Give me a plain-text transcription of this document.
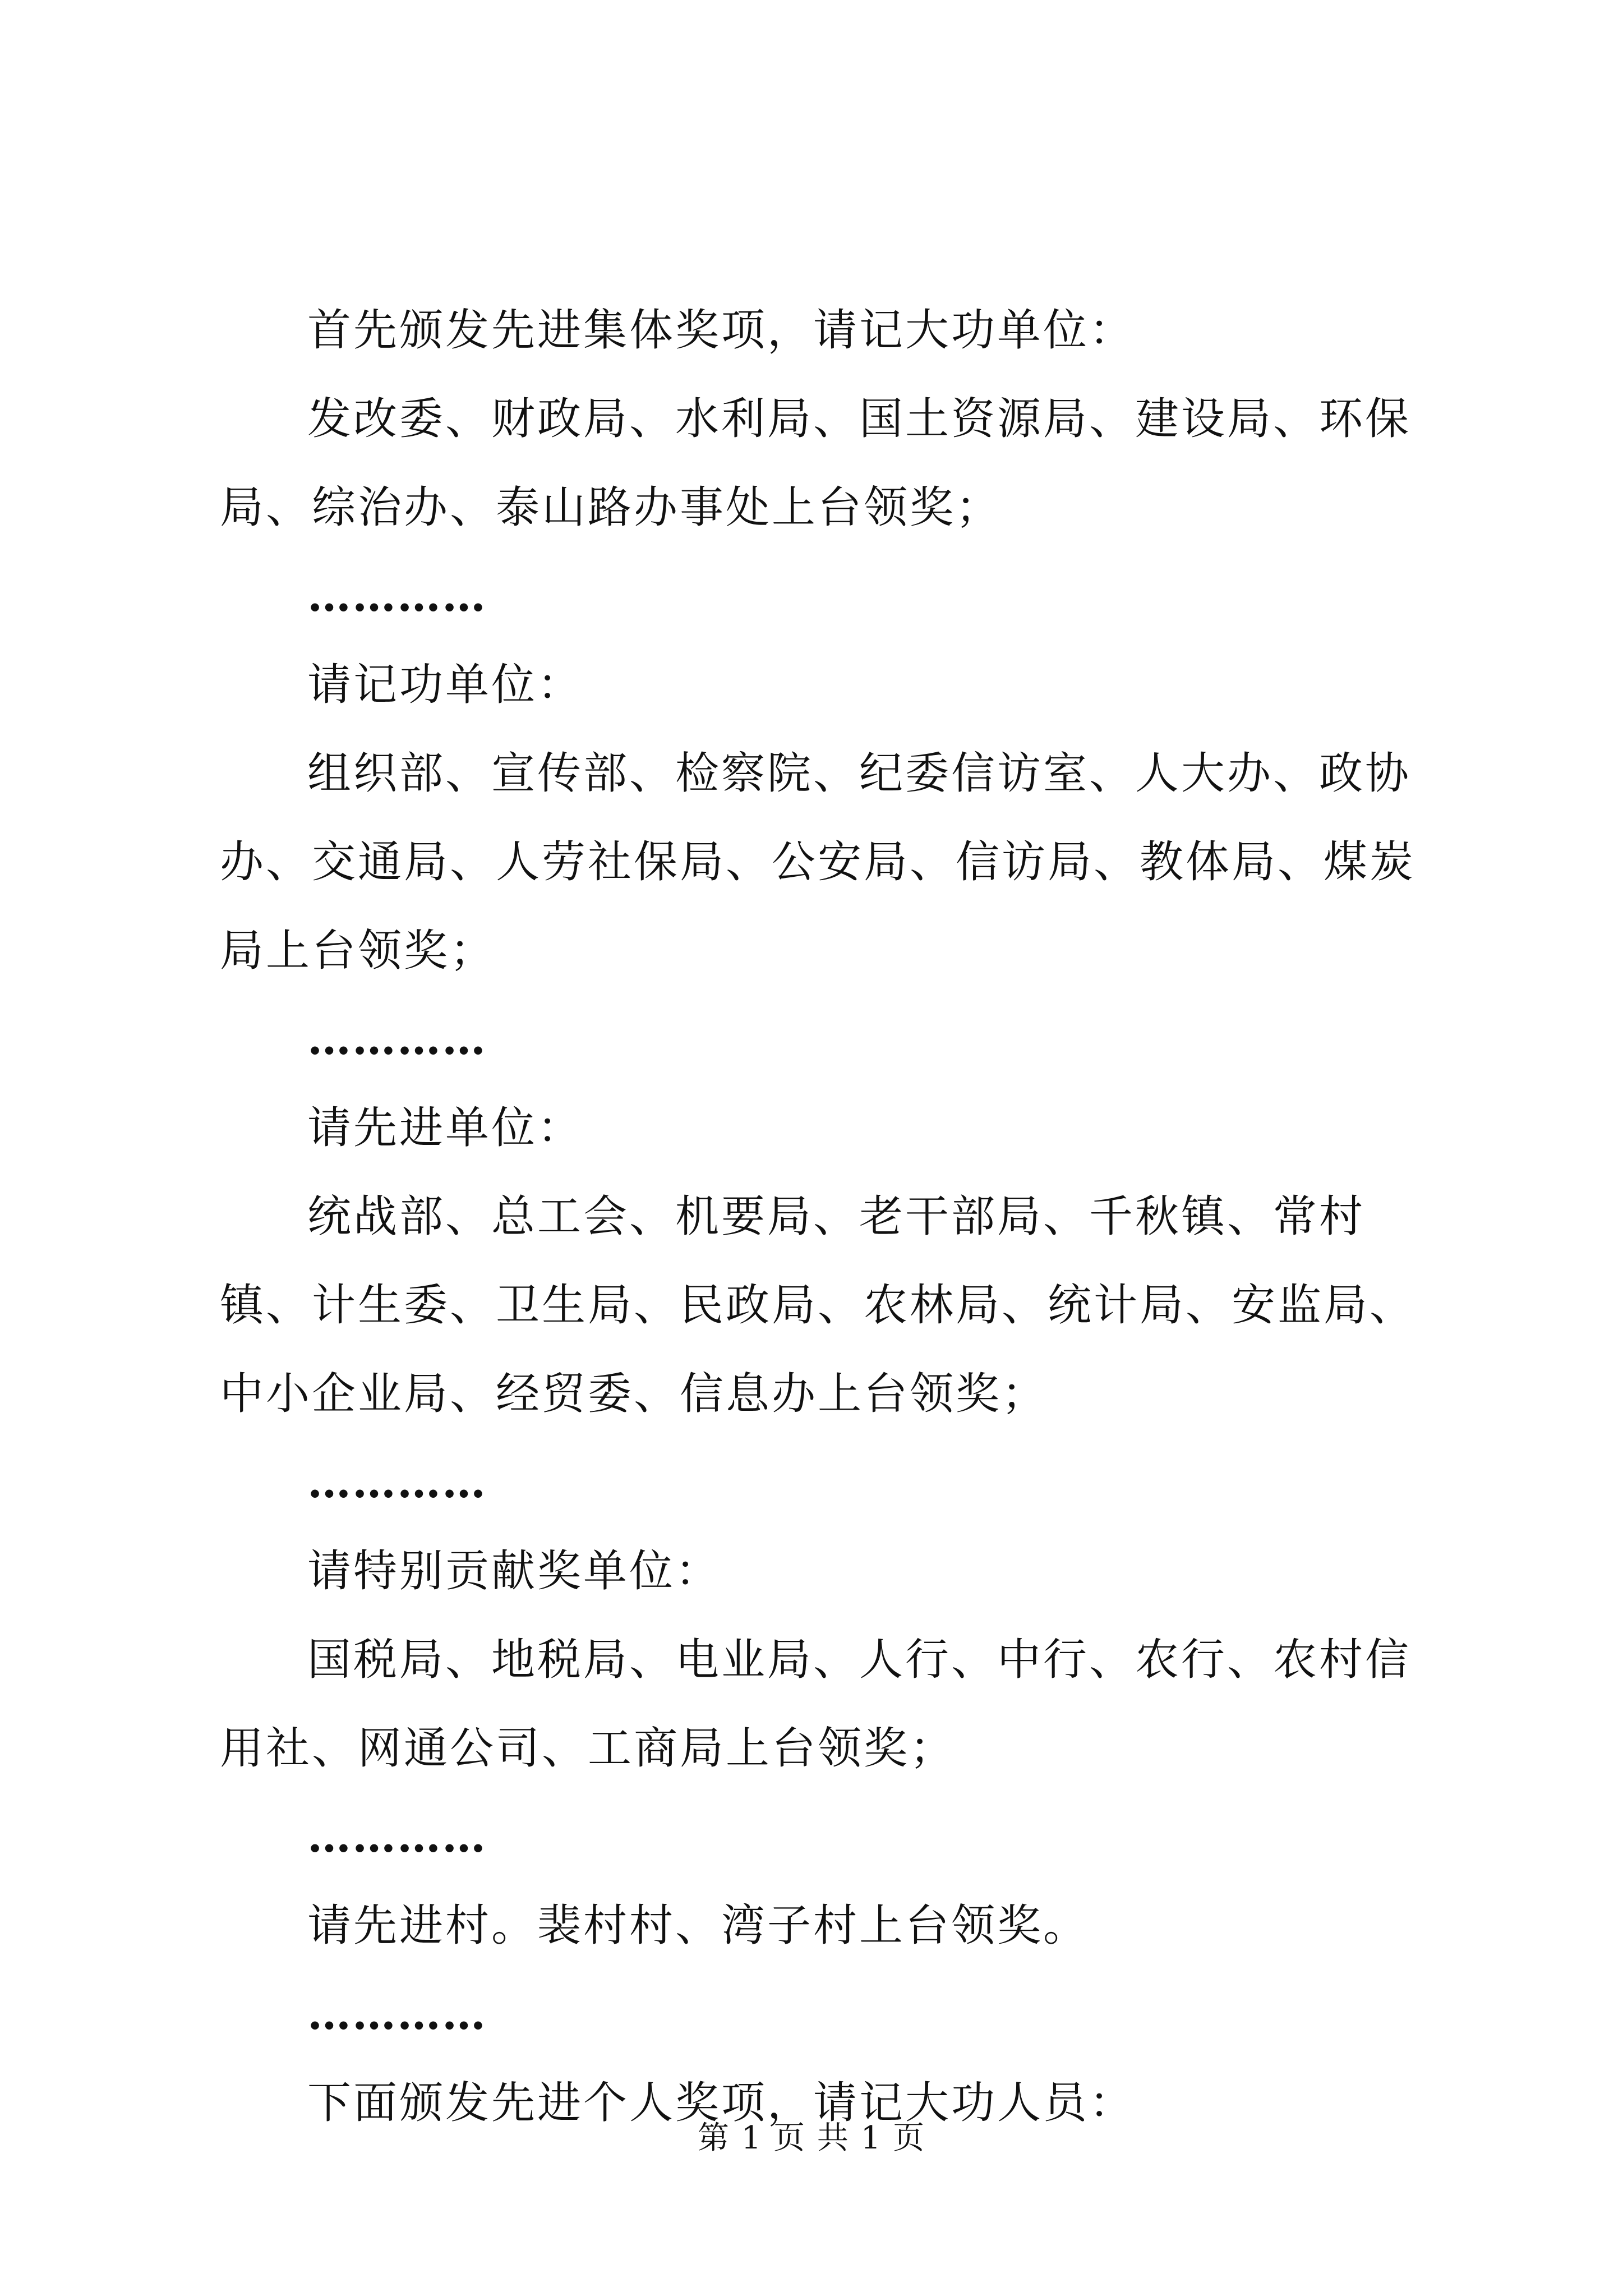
首先颁发先进集体奖项，请记大功单位：

发改委、财政局、水利局、国土资源局、建设局、环保局、综治办、泰山路办事处上台领奖；

…………

请记功单位：

组织部、宣传部、检察院、纪委信访室、人大办、政协办、交通局、人劳社保局、公安局、信访局、教体局、煤炭局上台领奖；

…………

请先进单位：

统战部、总工会、机要局、老干部局、千秋镇、常村镇、计生委、卫生局、民政局、农林局、统计局、安监局、中小企业局、经贸委、信息办上台领奖；

…………

请特别贡献奖单位：

国税局、地税局、电业局、人行、中行、农行、农村信用社、网通公司、工商局上台领奖；

…………

请先进村。裴村村、湾子村上台领奖。

…………

下面颁发先进个人奖项，请记大功人员：

第 1 页 共 1 页
